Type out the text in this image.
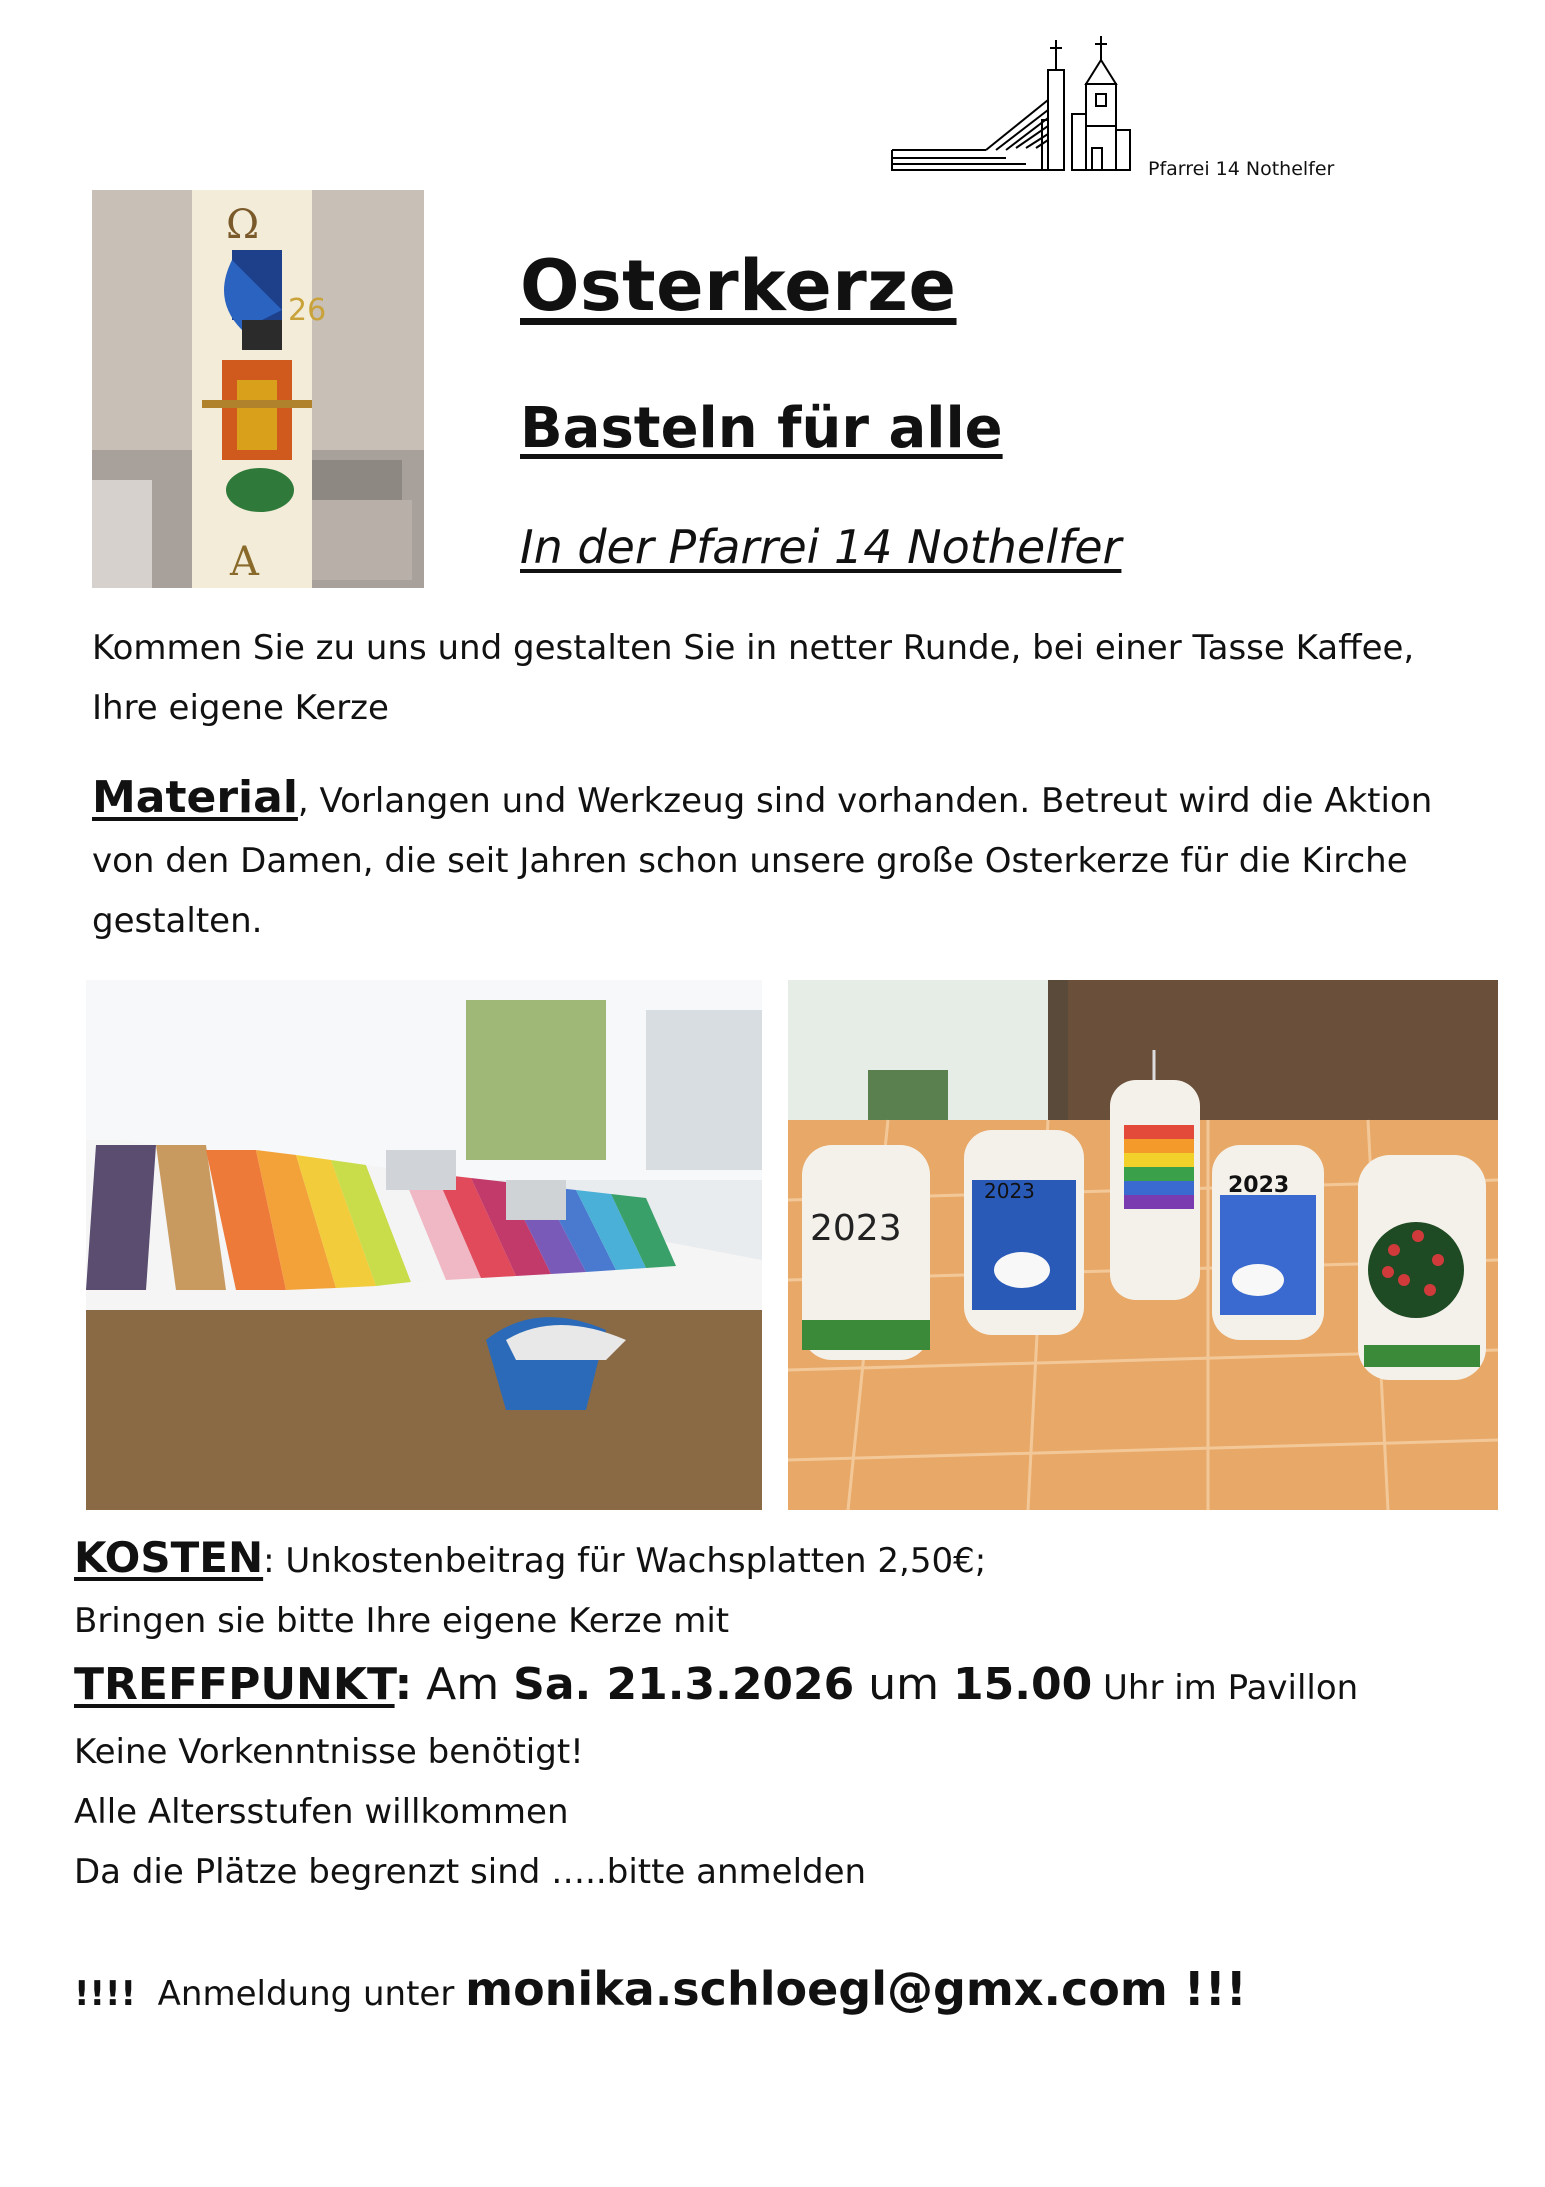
Pfarrei 14 Nothelfer
Ω
26
A
Osterkerze
Basteln für alle
In der Pfarrei 14 Nothelfer
Kommen Sie zu uns und gestalten Sie in netter Runde, bei einer Tasse Kaffee,
Ihre eigene Kerze
Material, Vorlangen und Werkzeug sind vorhanden. Betreut wird die Aktion
von den Damen, die seit Jahren schon unsere große Osterkerze für die Kirche
gestalten.
2023
2023	2023
KOSTEN: Unkostenbeitrag für Wachsplatten 2,50€;
Bringen sie bitte Ihre eigene Kerze mit
TREFFPUNKT: Am Sa. 21.3.2026 um 15.00 Uhr im Pavillon
Keine Vorkenntnisse benötigt!
Alle Altersstufen willkommen
Da die Plätze begrenzt sind …..bitte anmelden
!!!!  Anmeldung unter monika.schloegl@gmx.com !!!
